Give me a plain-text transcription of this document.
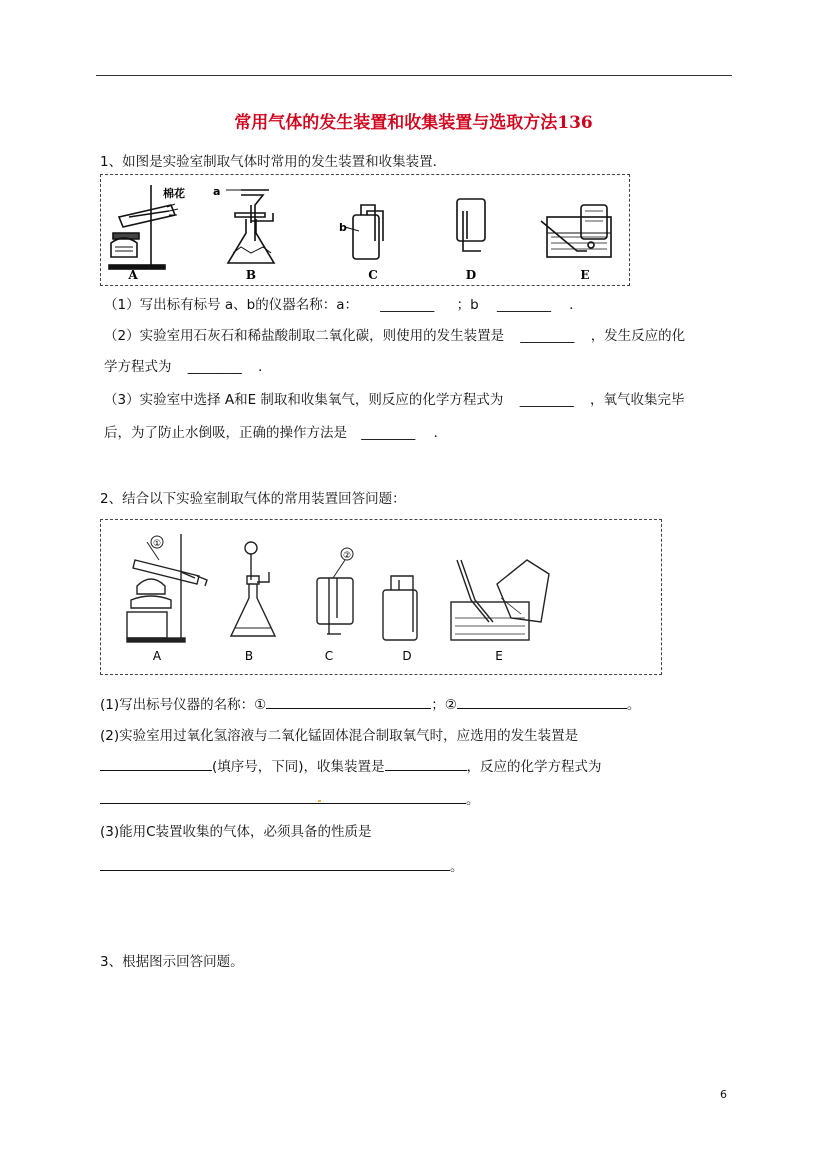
常用气体的发生装置和收集装置与选取方法136
1、如图是实验室制取气体时常用的发生装置和收集装置．
A	B	C	D	E
棉花	a
b
（1）写出标有标号 a、b的仪器名称：a： ________ ；b ________ ．
（2）实验室用石灰石和稀盐酸制取二氧化碳，则使用的发生装置是 ________ ，发生反应的化
学方程式为 ________ ．
（3）实验室中选择 A和E 制取和收集氧气，则反应的化学方程式为 ________ ，氧气收集完毕
后，为了防止水倒吸，正确的操作方法是 ________ ．
2、结合以下实验室制取气体的常用装置回答问题：
①
②
A	B	C	D	E
(1)写出标号仪器的名称：①	；②	。
(2)实验室用过氧化氢溶液与二氧化锰固体混合制取氧气时，应选用的发生装置是
(填序号，下同)，收集装置是	，反应的化学方程式为
。
(3)能用C装置收集的气体，必须具备的性质是
。
3、根据图示回答问题。
6
